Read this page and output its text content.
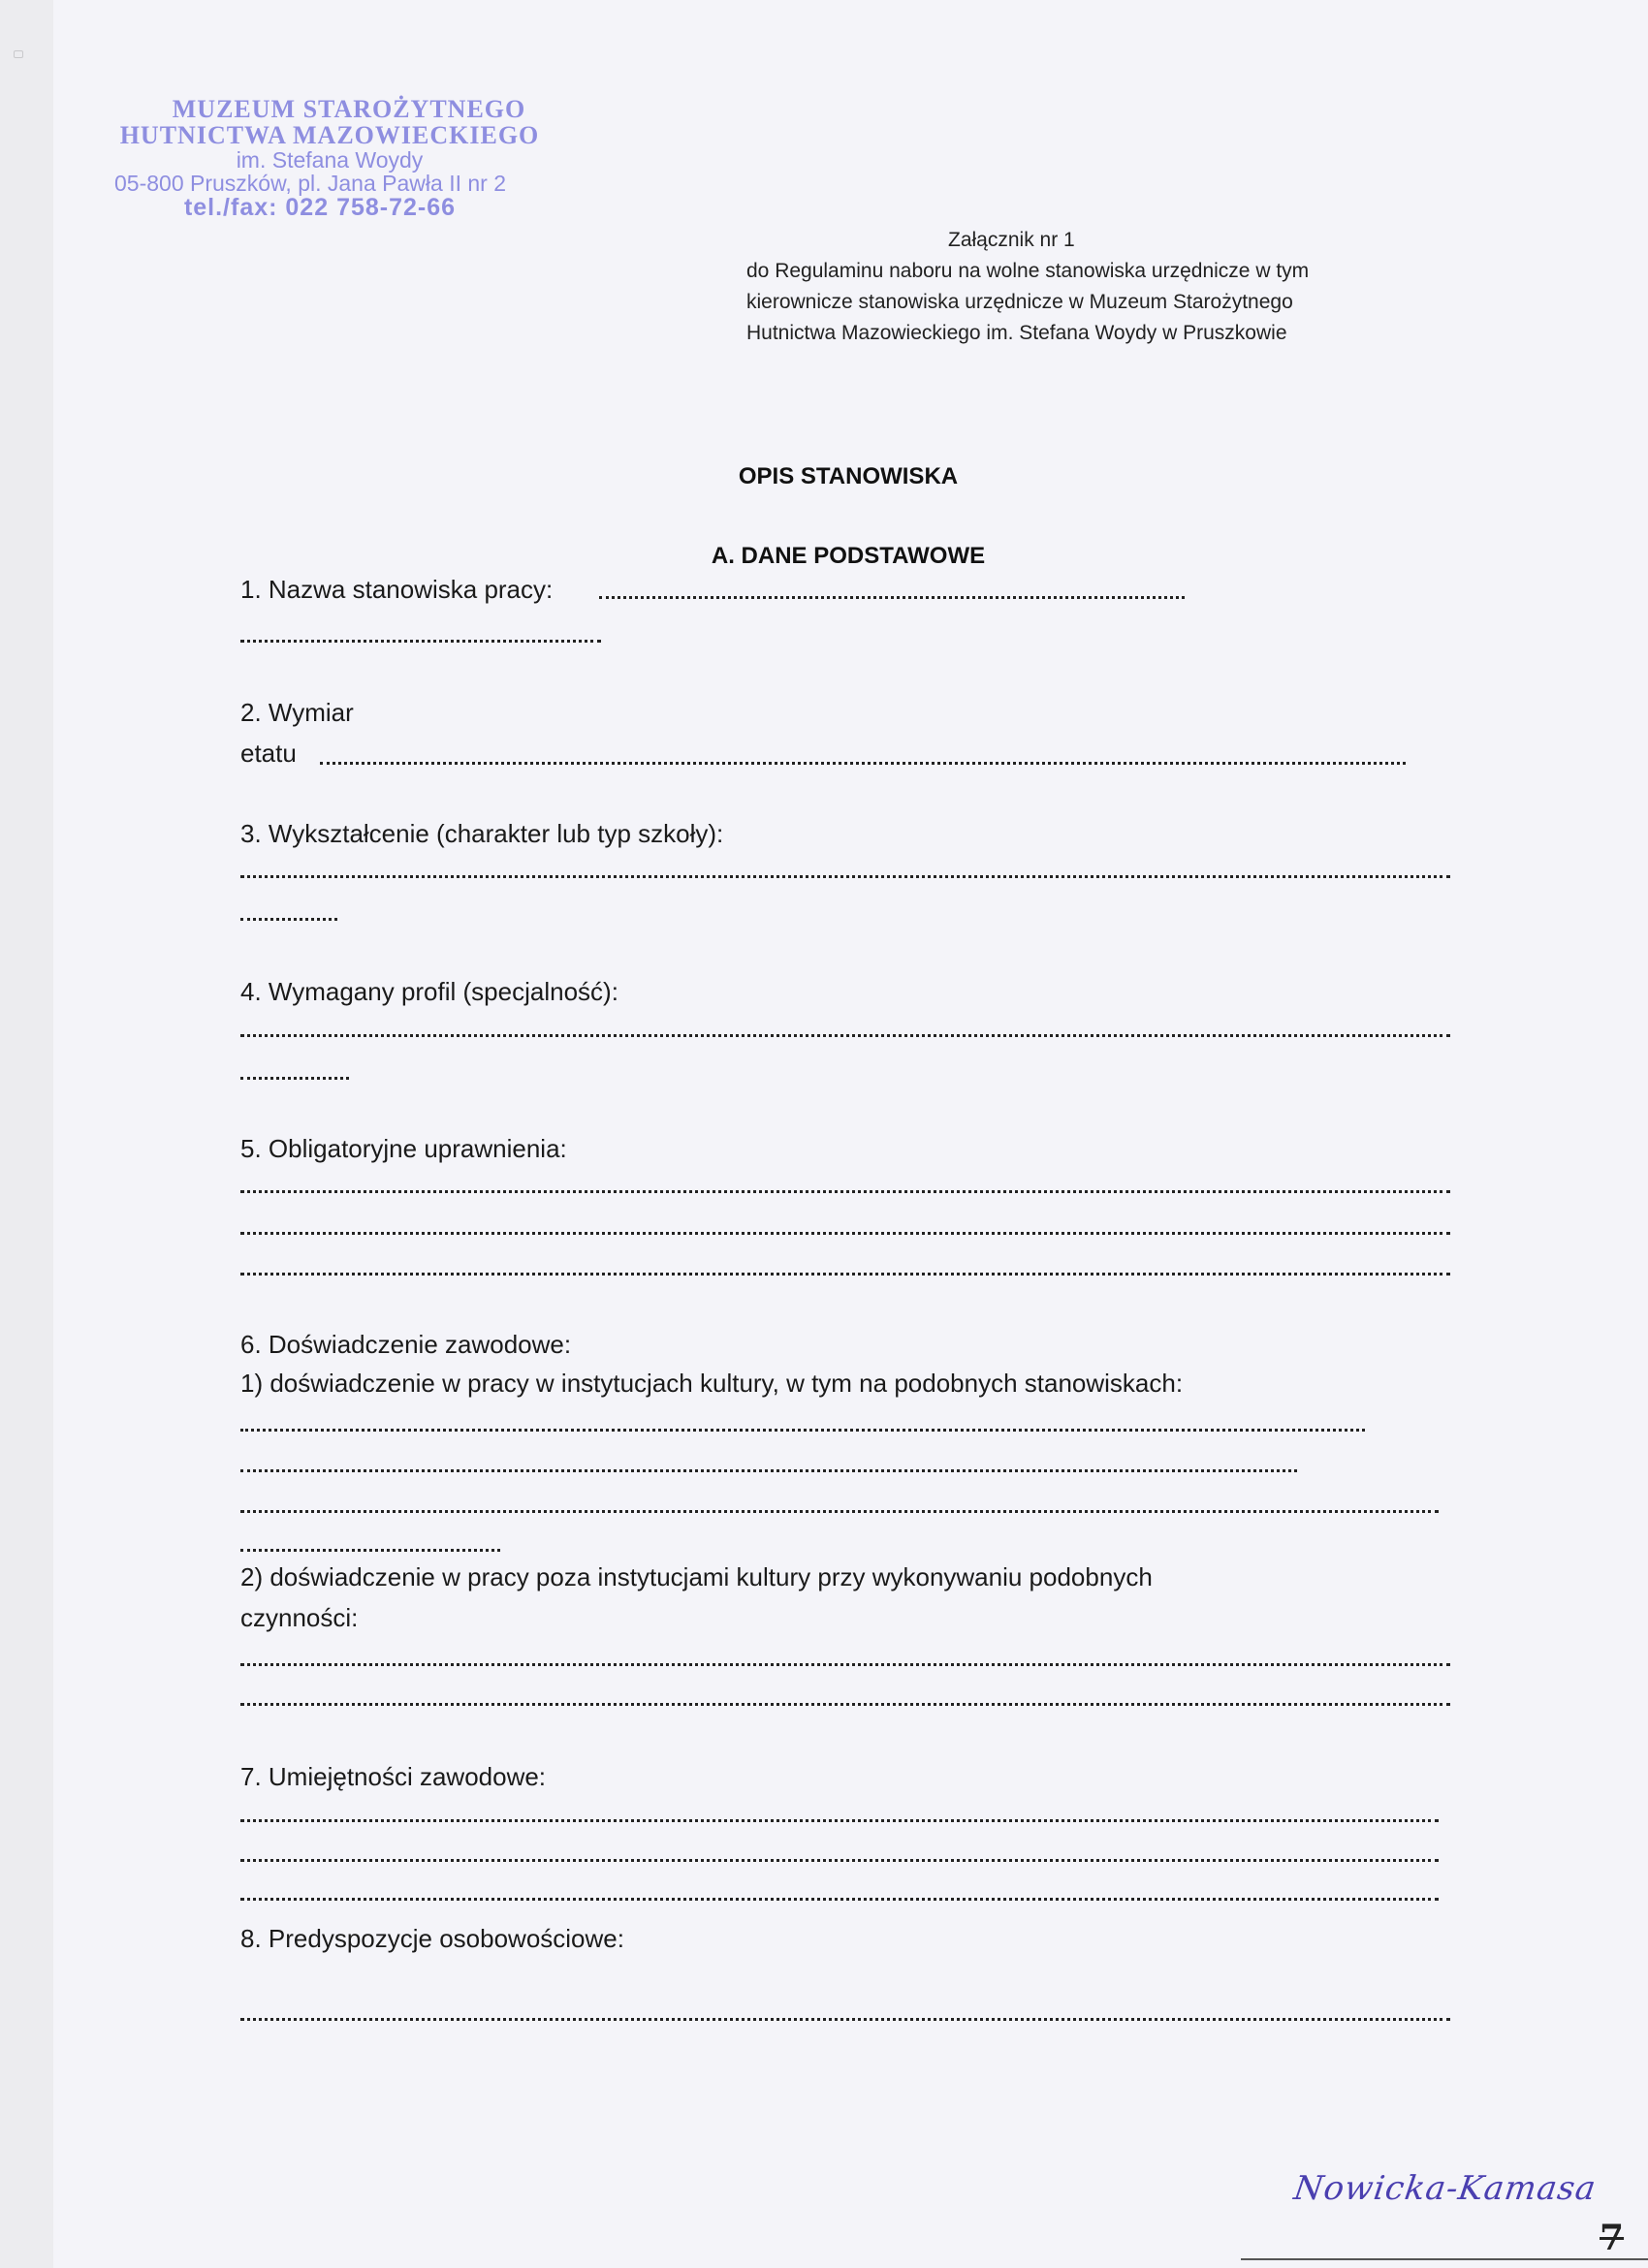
MUZEUM STAROŻYTNEGO
HUTNICTWA MAZOWIECKIEGO
im. Stefana Woydy
05-800 Pruszków, pl. Jana Pawła II nr 2
tel./fax: 022 758-72-66
Załącznik nr 1
do Regulaminu naboru na wolne stanowiska urzędnicze w tym
kierownicze stanowiska urzędnicze w Muzeum Starożytnego
Hutnictwa Mazowieckiego im. Stefana Woydy w Pruszkowie
OPIS STANOWISKA
A. DANE PODSTAWOWE
1. Nazwa stanowiska pracy:
2. Wymiar
etatu
3. Wykształcenie (charakter lub typ szkoły):
4. Wymagany profil (specjalność):
5. Obligatoryjne uprawnienia:
6. Doświadczenie zawodowe:
1) doświadczenie w pracy w instytucjach kultury, w tym na podobnych stanowiskach:
2) doświadczenie w pracy poza instytucjami kultury przy wykonywaniu podobnych
czynności:
7. Umiejętności zawodowe:
8. Predyspozycje osobowościowe:
Nowicka-Kamasa
7
